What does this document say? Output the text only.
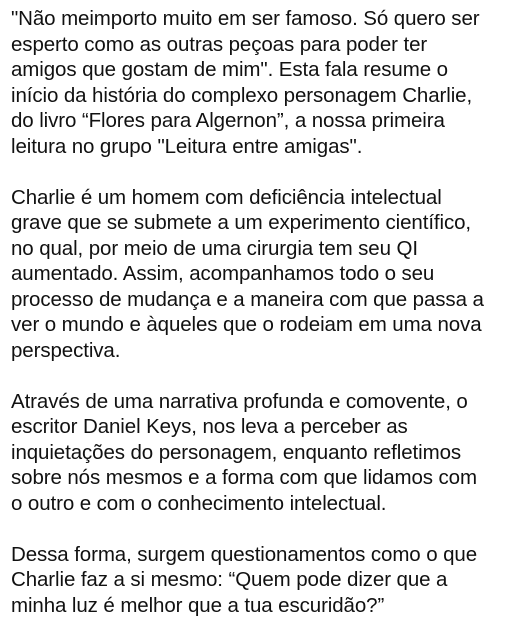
"Não meimporto muito em ser famoso. Só quero ser
esperto como as outras peçoas para poder ter
amigos que gostam de mim". Esta fala resume o
início da história do complexo personagem Charlie,
do livro “Flores para Algernon”, a nossa primeira
leitura no grupo "Leitura entre amigas".
Charlie é um homem com deficiência intelectual
grave que se submete a um experimento científico,
no qual, por meio de uma cirurgia tem seu QI
aumentado. Assim, acompanhamos todo o seu
processo de mudança e a maneira com que passa a
ver o mundo e àqueles que o rodeiam em uma nova
perspectiva.
Através de uma narrativa profunda e comovente, o
escritor Daniel Keys, nos leva a perceber as
inquietações do personagem, enquanto refletimos
sobre nós mesmos e a forma com que lidamos com
o outro e com o conhecimento intelectual.
Dessa forma, surgem questionamentos como o que
Charlie faz a si mesmo: “Quem pode dizer que a
minha luz é melhor que a tua escuridão?”
